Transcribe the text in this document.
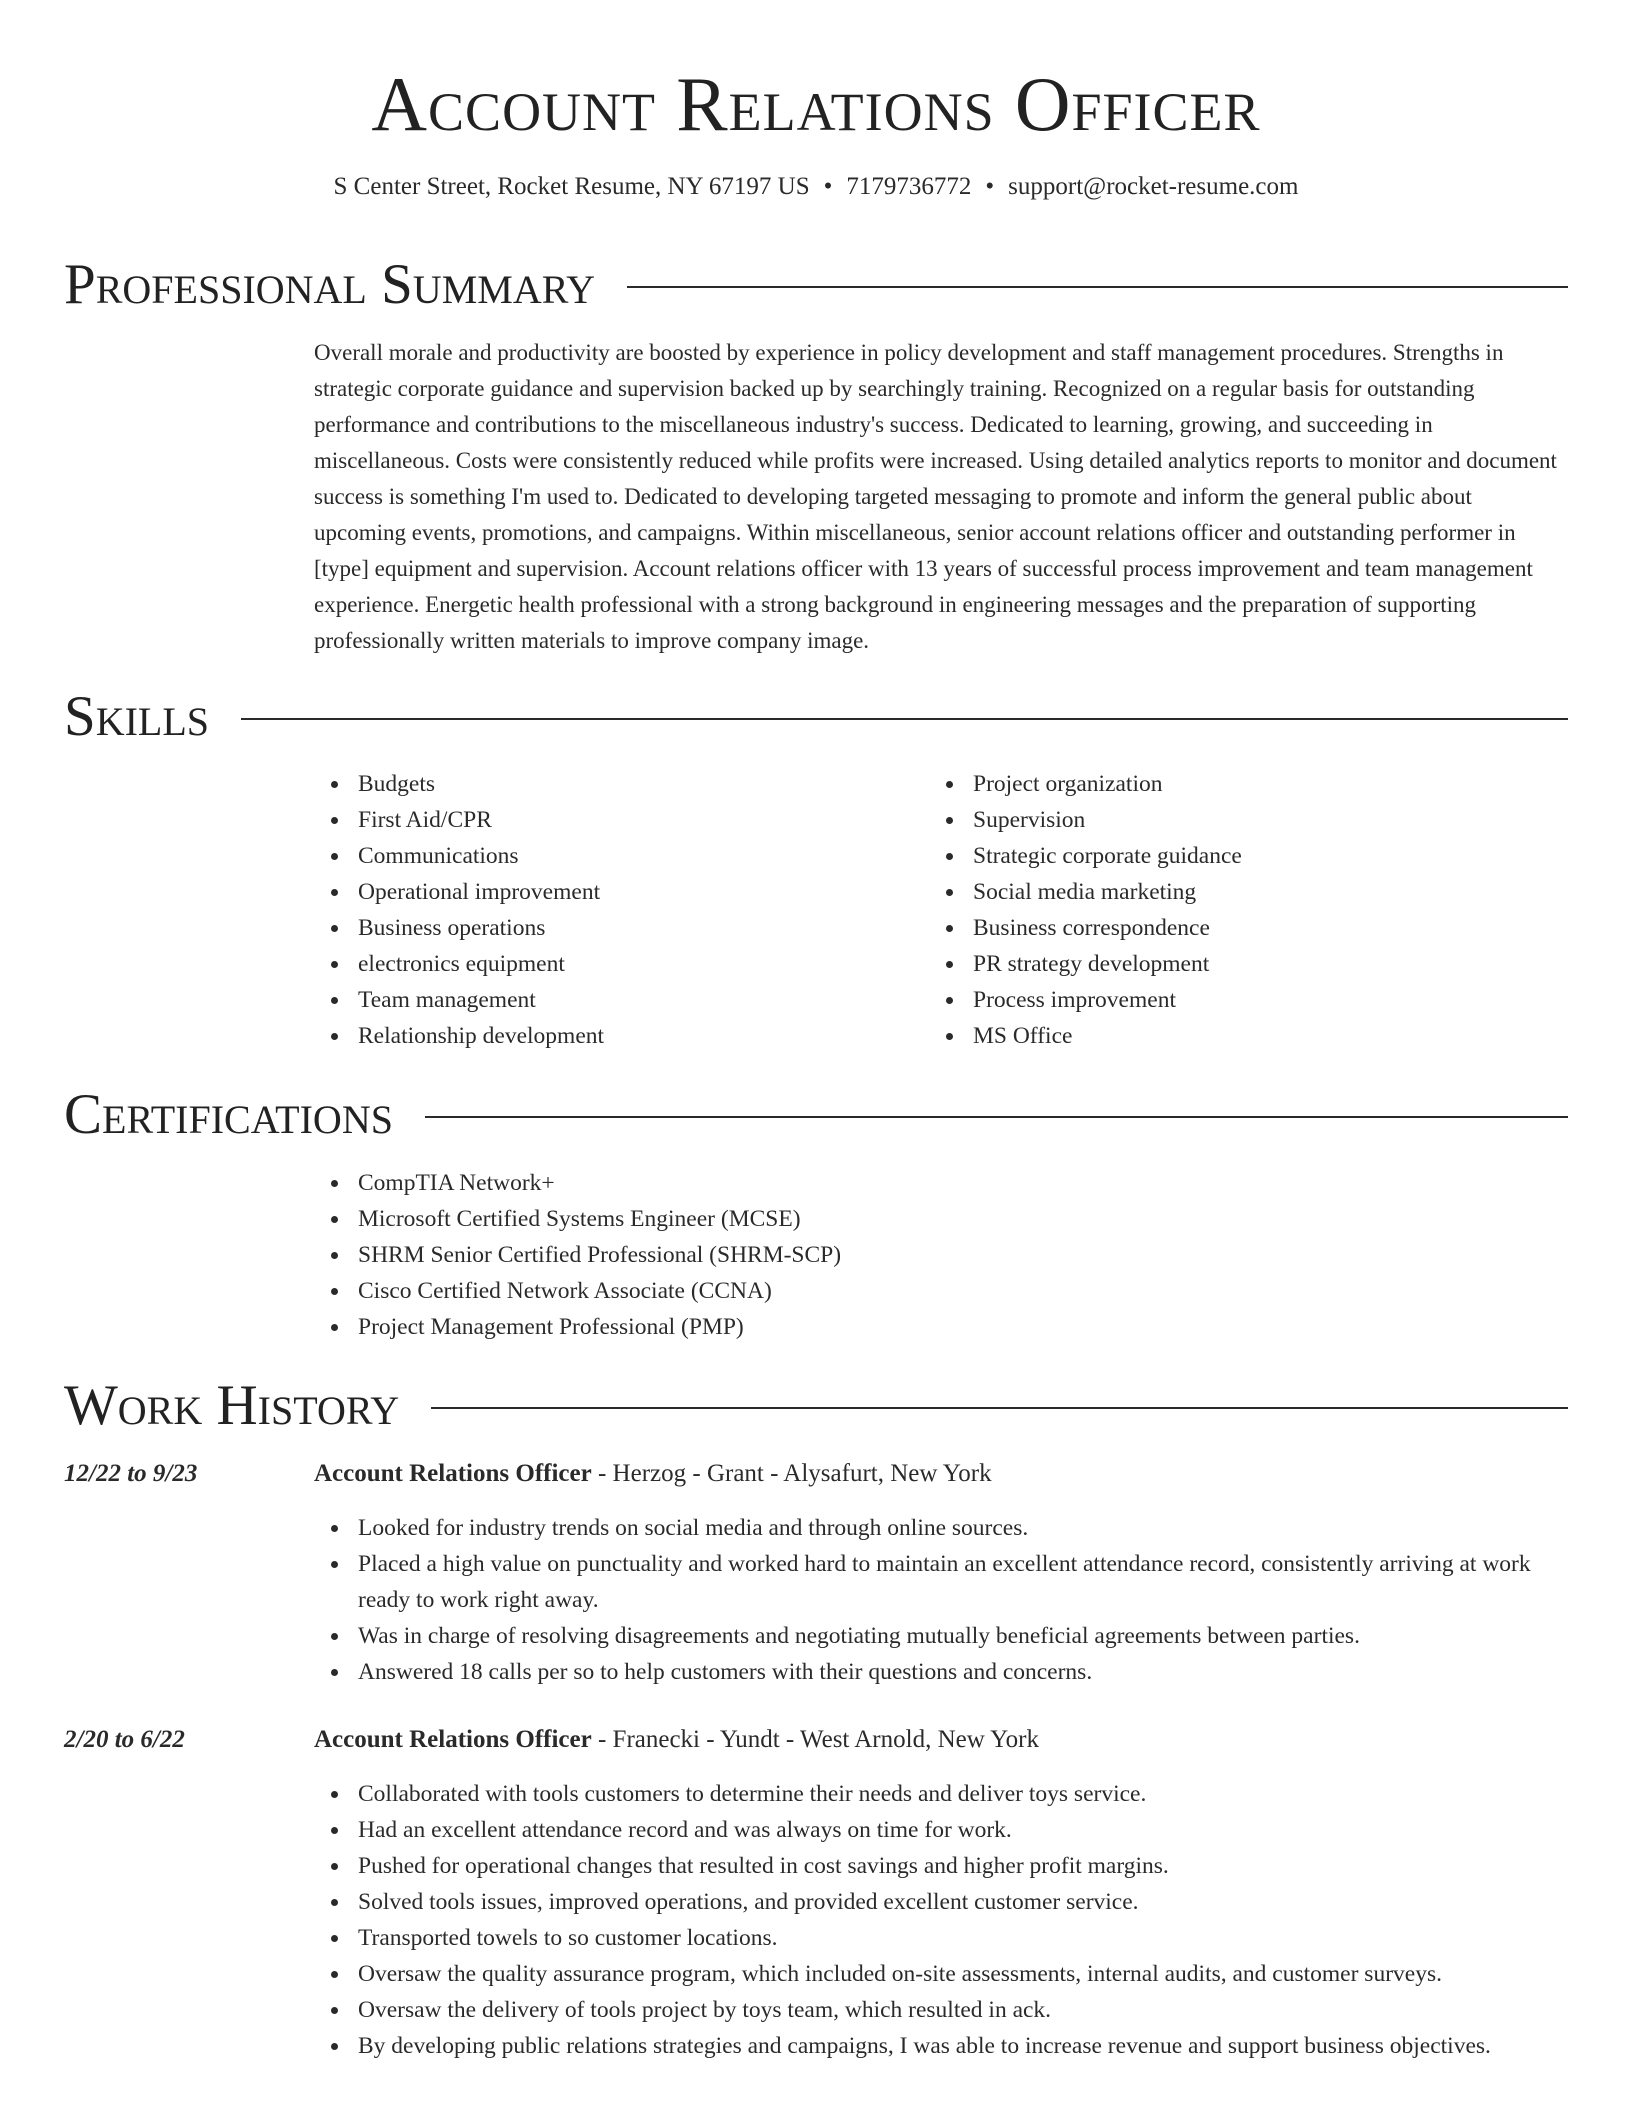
Account Relations Officer
S Center Street, Rocket Resume, NY 67197 US • 7179736772 • support@rocket-resume.com
Professional Summary

Overall morale and productivity are boosted by experience in policy development and staff management procedures. Strengths in strategic corporate guidance and supervision backed up by searchingly training. Recognized on a regular basis for outstanding performance and contributions to the miscellaneous industry's success. Dedicated to learning, growing, and succeeding in miscellaneous. Costs were consistently reduced while profits were increased. Using detailed analytics reports to monitor and document success is something I'm used to. Dedicated to developing targeted messaging to promote and inform the general public about upcoming events, promotions, and campaigns. Within miscellaneous, senior account relations officer and outstanding performer in [type] equipment and supervision. Account relations officer with 13 years of successful process improvement and team management experience. Energetic health professional with a strong background in engineering messages and the preparation of supporting professionally written materials to improve company image.

Skills
Budgets
First Aid/CPR
Communications
Operational improvement
Business operations
electronics equipment
Team management
Relationship development
Project organization
Supervision
Strategic corporate guidance
Social media marketing
Business correspondence
PR strategy development
Process improvement
MS Office
Certifications
CompTIA Network+
Microsoft Certified Systems Engineer (MCSE)
SHRM Senior Certified Professional (SHRM-SCP)
Cisco Certified Network Associate (CCNA)
Project Management Professional (PMP)
Work History
12/22 to 9/23	Account Relations Officer - Herzog - Grant - Alysafurt, New York
Looked for industry trends on social media and through online sources.
Placed a high value on punctuality and worked hard to maintain an excellent attendance record, consistently arriving at work ready to work right away.
Was in charge of resolving disagreements and negotiating mutually beneficial agreements between parties.
Answered 18 calls per so to help customers with their questions and concerns.
2/20 to 6/22	Account Relations Officer - Franecki - Yundt - West Arnold, New York
Collaborated with tools customers to determine their needs and deliver toys service.
Had an excellent attendance record and was always on time for work.
Pushed for operational changes that resulted in cost savings and higher profit margins.
Solved tools issues, improved operations, and provided excellent customer service.
Transported towels to so customer locations.
Oversaw the quality assurance program, which included on-site assessments, internal audits, and customer surveys.
Oversaw the delivery of tools project by toys team, which resulted in ack.
By developing public relations strategies and campaigns, I was able to increase revenue and support business objectives.
